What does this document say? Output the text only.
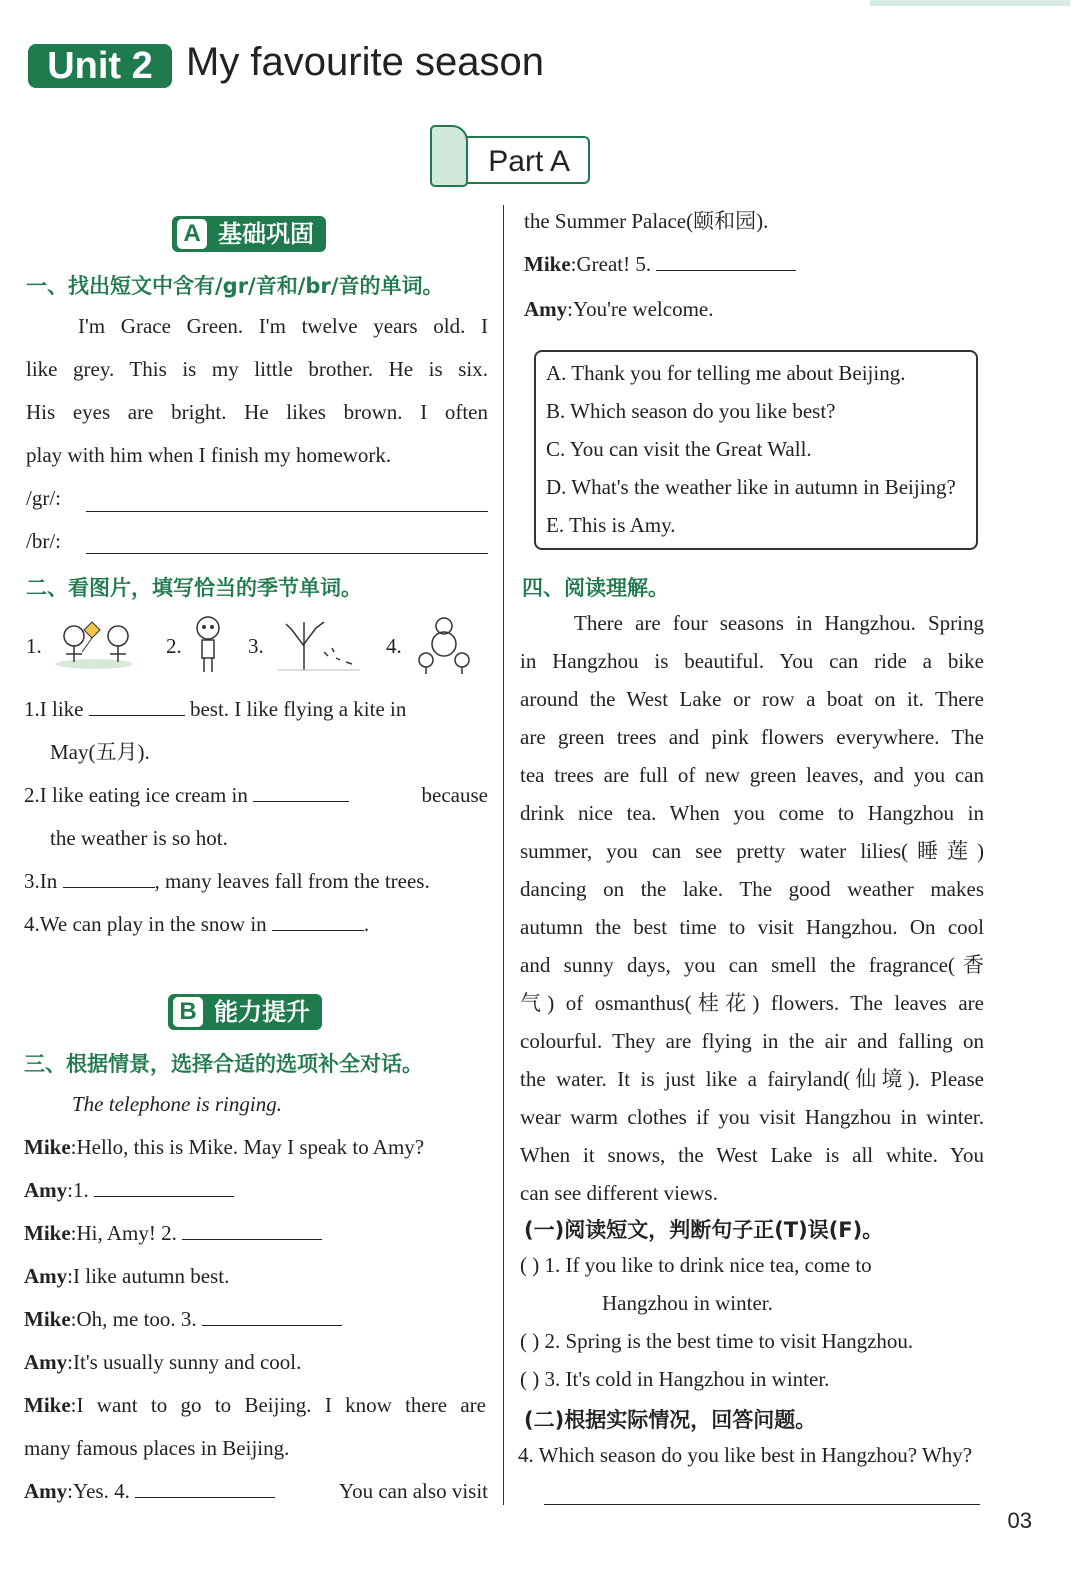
Unit 2 My favourite season
Part A
A 基础巩固
一、找出短文中含有/gr/音和/br/音的单词。
I'm Grace Green. I'm twelve years old. I
like grey. This is my little brother. He is six.
His eyes are bright. He likes brown. I often
play with him when I finish my homework.
/gr/:
/br/:
二、看图片，填写恰当的季节单词。
1.	2.	3.	4.
1.I like	best. I like flying a kite in
May(五月).
2.I like eating ice cream in	because
the weather is so hot.
3.In	, many leaves fall from the trees.
4.We can play in the snow in	.
B 能力提升
三、根据情景，选择合适的选项补全对话。
The telephone is ringing.
Mike:Hello, this is Mike. May I speak to Amy?
Amy:1.
Mike:Hi, Amy! 2.
Amy:I like autumn best.
Mike:Oh, me too. 3.
Amy:It's usually sunny and cool.
Mike:I want to go to Beijing. I know there are
many famous places in Beijing.
Amy:Yes. 4.	You can also visit
the Summer Palace(颐和园).
Mike:Great! 5.
Amy:You're welcome.
A. Thank you for telling me about Beijing.
B. Which season do you like best?
C. You can visit the Great Wall.
D. What's the weather like in autumn in Beijing?
E. This is Amy.
四、阅读理解。
There are four seasons in Hangzhou. Spring
in Hangzhou is beautiful. You can ride a bike
around the West Lake or row a boat on it. There
are green trees and pink flowers everywhere. The
tea trees are full of new green leaves, and you can
drink nice tea. When you come to Hangzhou in
summer, you can see pretty water lilies(睡莲)
dancing on the lake. The good weather makes
autumn the best time to visit Hangzhou. On cool
and sunny days, you can smell the fragrance(香
气) of osmanthus(桂花) flowers. The leaves are
colourful. They are flying in the air and falling on
the water. It is just like a fairyland(仙境). Please
wear warm clothes if you visit Hangzhou in winter.
When it snows, the West Lake is all white. You
can see different views.
(一)阅读短文，判断句子正(T)误(F)。
( ) 1. If you like to drink nice tea, come to
Hangzhou in winter.
( ) 2. Spring is the best time to visit Hangzhou.
( ) 3. It's cold in Hangzhou in winter.
(二)根据实际情况，回答问题。
4. Which season do you like best in Hangzhou? Why?
03
